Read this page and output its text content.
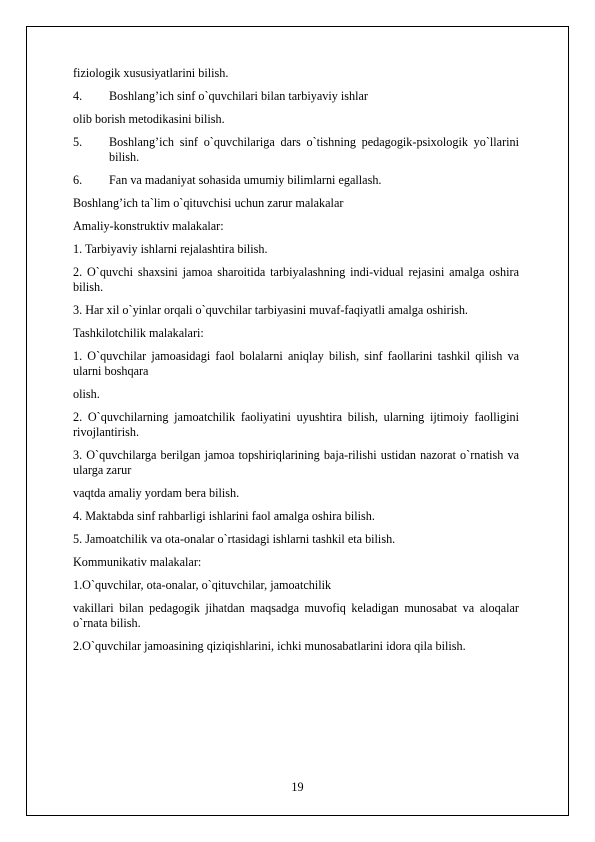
fiziologik xususiyatlarini bilish.

4.	Boshlang’ich sinf o`quvchilari bilan tarbiyaviy ishlar

olib borish metodikasini bilish.

5.	Boshlang’ich sinf o`quvchilariga dars o`tishning pedagogik-psixologik yo`llarini bilish.
6.	Fan va madaniyat sohasida umumiy bilimlarni egallash.

Boshlang’ich ta`lim o`qituvchisi uchun zarur malakalar

Amaliy-konstruktiv malakalar:

1. Tarbiyaviy ishlarni rejalashtira bilish.

2. O`quvchi shaxsini jamoa sharoitida tarbiyalashning indi-vidual rejasini amalga oshira bilish.

3. Har xil o`yinlar orqali o`quvchilar tarbiyasini muvaf-faqiyatli amalga oshirish.

Tashkilotchilik malakalari:

1. O`quvchilar jamoasidagi faol bolalarni aniqlay bilish, sinf faollarini tashkil qilish va ularni boshqara

olish.

2. O`quvchilarning jamoatchilik faoliyatini uyushtira bilish, ularning ijtimoiy faolligini rivojlantirish.

3. O`quvchilarga berilgan jamoa topshiriqlarining baja-rilishi ustidan nazorat o`rnatish va ularga zarur

vaqtda amaliy yordam bera bilish.

4. Maktabda sinf rahbarligi ishlarini faol amalga oshira bilish.

5. Jamoatchilik va ota-onalar o`rtasidagi ishlarni tashkil eta bilish.

Kommunikativ malakalar:

1.O`quvchilar, ota-onalar, o`qituvchilar, jamoatchilik

vakillari bilan pedagogik jihatdan maqsadga muvofiq keladigan munosabat va aloqalar o`rnata bilish.

2.O`quvchilar jamoasining qiziqishlarini, ichki munosabatlarini idora qila bilish.

19
